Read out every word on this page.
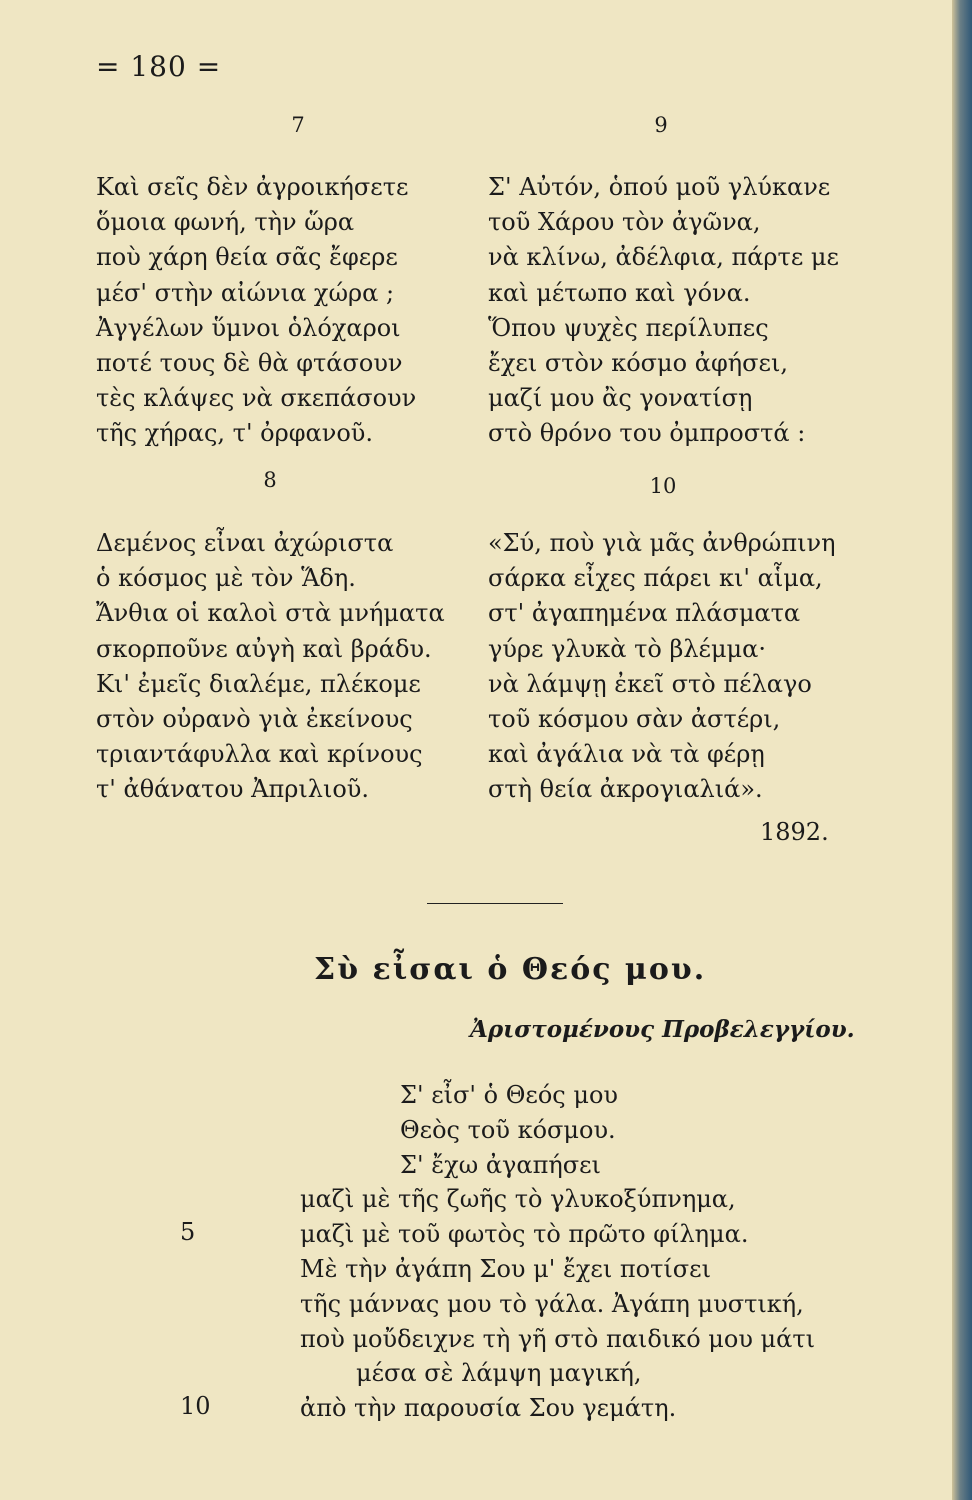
= 180 =
7
Καὶ σεῖς δὲν ἀγροικήσετε
ὅμοια φωνή, τὴν ὥρα
ποὺ χάρη θεία σᾶς ἔφερε
μέσ' στὴν αἰώνια χώρα ;
Ἀγγέλων ὕμνοι ὁλόχαροι
ποτέ τους δὲ θὰ φτάσουν
τὲς κλάψες νὰ σκεπάσουν
τῆς χήρας, τ' ὀρφανοῦ.
8
Δεμένος εἶναι ἀχώριστα
ὁ κόσμος μὲ τὸν Ἅδη.
Ἄνθια οἱ καλοὶ στὰ μνήματα
σκορποῦνε αὐγὴ καὶ βράδυ.
Κι' ἐμεῖς διαλέμε, πλέκομε
στὸν οὐρανὸ γιὰ ἐκείνους
τριαντάφυλλα καὶ κρίνους
τ' ἀθάνατου Ἀπριλιοῦ.
9
Σ' Αὐτόν, ὁπού μοῦ γλύκανε
τοῦ Χάρου τὸν ἀγῶνα,
νὰ κλίνω, ἀδέλφια, πάρτε με
καὶ μέτωπο καὶ γόνα.
Ὅπου ψυχὲς περίλυπες
ἔχει στὸν κόσμο ἀφήσει,
μαζί μου ἂς γονατίσῃ
στὸ θρόνο του ὀμπροστά :
10
«Σύ, ποὺ γιὰ μᾶς ἀνθρώπινη
σάρκα εἶχες πάρει κι' αἷμα,
στ' ἀγαπημένα πλάσματα
γύρε γλυκὰ τὸ βλέμμα·
νὰ λάμψῃ ἐκεῖ στὸ πέλαγο
τοῦ κόσμου σὰν ἀστέρι,
καὶ ἀγάλια νὰ τὰ φέρῃ
στὴ θεία ἀκρογιαλιά».
1892.
Σὺ εἶσαι ὁ Θεός μου.
Ἀριστομένους Προβελεγγίου.
5
10
Σ' εἶσ' ὁ Θεός μου
Θεὸς τοῦ κόσμου.
Σ' ἔχω ἀγαπήσει
μαζὶ μὲ τῆς ζωῆς τὸ γλυκοξύπνημα,
μαζὶ μὲ τοῦ φωτὸς τὸ πρῶτο φίλημα.
Μὲ τὴν ἀγάπη Σου μ' ἔχει ποτίσει
τῆς μάννας μου τὸ γάλα. Ἀγάπη μυστική,
ποὺ μοὔδειχνε τὴ γῆ στὸ παιδικό μου μάτι
μέσα σὲ λάμψη μαγική,
ἀπὸ τὴν παρουσία Σου γεμάτη.
